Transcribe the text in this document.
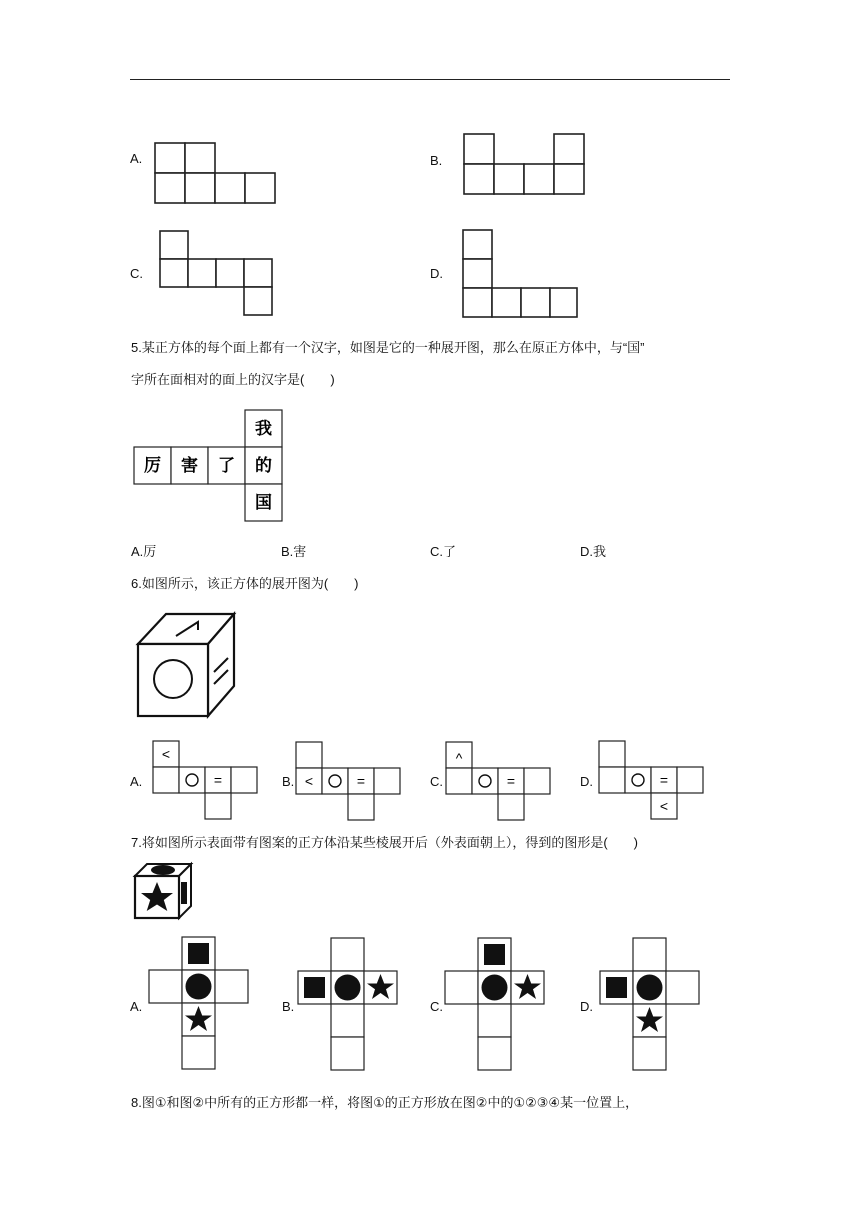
A.	B.
C.	D.
5.某正方体的每个面上都有一个汉字，如图是它的一种展开图，那么在原正方体中，与“国”
字所在面相对的面上的汉字是(　　)
厉 害 了
我
的
国
A.厉	B.害	C.了	D.我
6.如图所示，该正方体的展开图为(　　)
A.
<
=	B. <	=	C.
^
=	D.	=
<
7.将如图所示表面带有图案的正方体沿某些棱展开后（外表面朝上），得到的图形是(　　)
A.	B.	C.	D.
8.图①和图②中所有的正方形都一样，将图①的正方形放在图②中的①②③④某一位置上，
